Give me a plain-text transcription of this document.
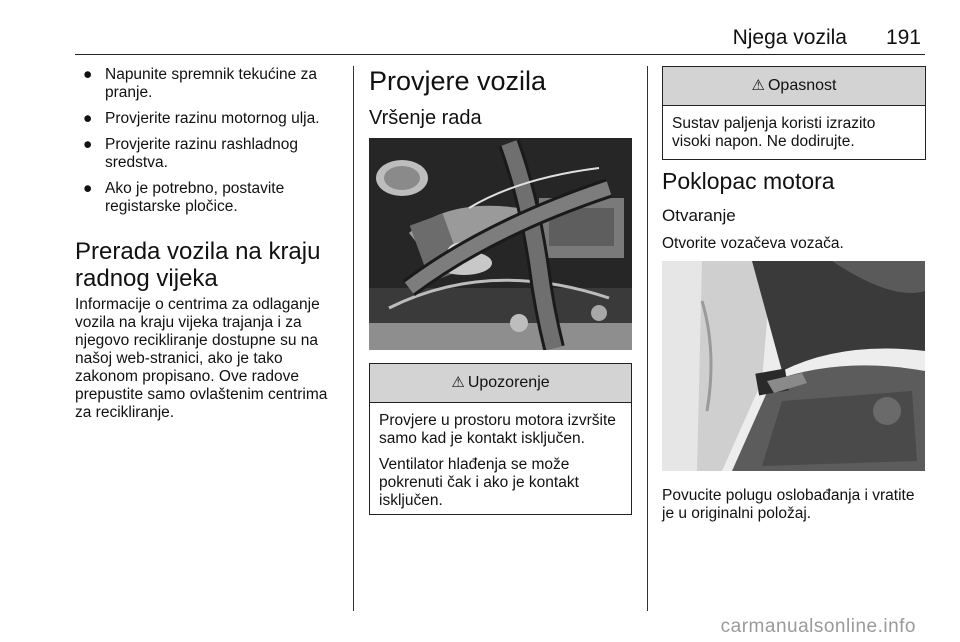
Njega vozila 191
● Napunite spremnik tekućine za pranje.
● Provjerite razinu motornog ulja.
● Provjerite razinu rashladnog sredstva.
● Ako je potrebno, postavite registarske pločice.
Prerada vozila na kraju radnog vijeka

Informacije o centrima za odlaganje vozila na kraju vijeka trajanja i za njegovo recikliranje dostupne su na našoj web-stranici, ako je tako zakonom propisano. Ove radove prepustite samo ovlaštenim centrima za recikliranje.

Provjere vozila
Vršenje rada
⚠ Upozorenje

Provjere u prostoru motora izvršite samo kad je kontakt isključen.

Ventilator hlađenja se može pokrenuti čak i ako je kontakt isključen.

⚠ Opasnost

Sustav paljenja koristi izrazito visoki napon. Ne dodirujte.

Poklopac motora
Otvaranje

Otvorite vozačeva vozača.

Povucite polugu oslobađanja i vratite je u originalni položaj.

carmanualsonline.info
